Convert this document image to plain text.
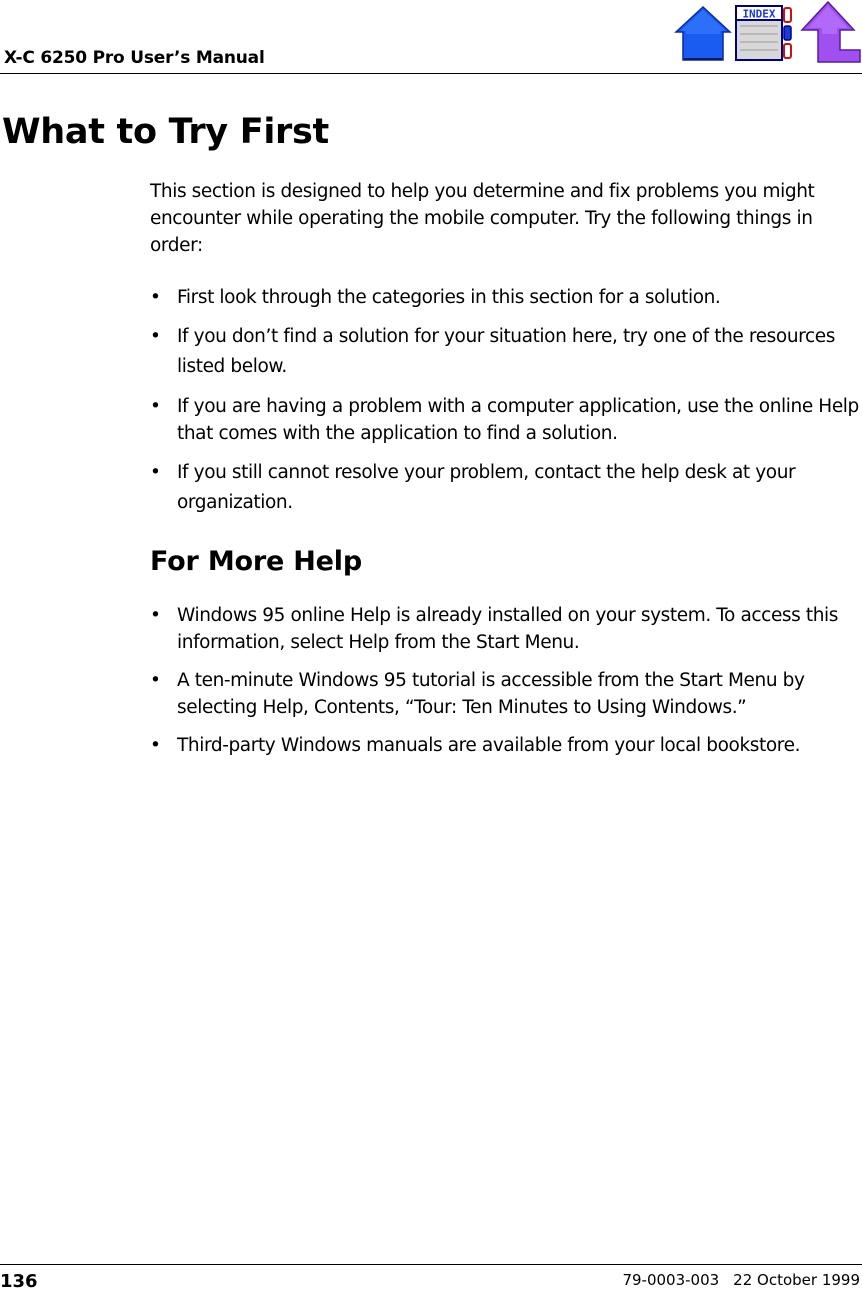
X-C 6250 Pro User’s Manual
INDEX
What to Try First
This section is designed to help you determine and fix problems you might encounter while operating the mobile computer. Try the following things in order:
• First look through the categories in this section for a solution.
• If you don’t find a solution for your situation here, try one of the resources listed below.
• If you are having a problem with a computer application, use the online Help that comes with the application to find a solution.
• If you still cannot resolve your problem, contact the help desk at your organization.
For More Help
• Windows 95 online Help is already installed on your system. To access this information, select Help from the Start Menu.
• A ten-minute Windows 95 tutorial is accessible from the Start Menu by selecting Help, Contents, “Tour: Ten Minutes to Using Windows.”
• Third-party Windows manuals are available from your local bookstore.
136	79-0003-003 22 October 1999
